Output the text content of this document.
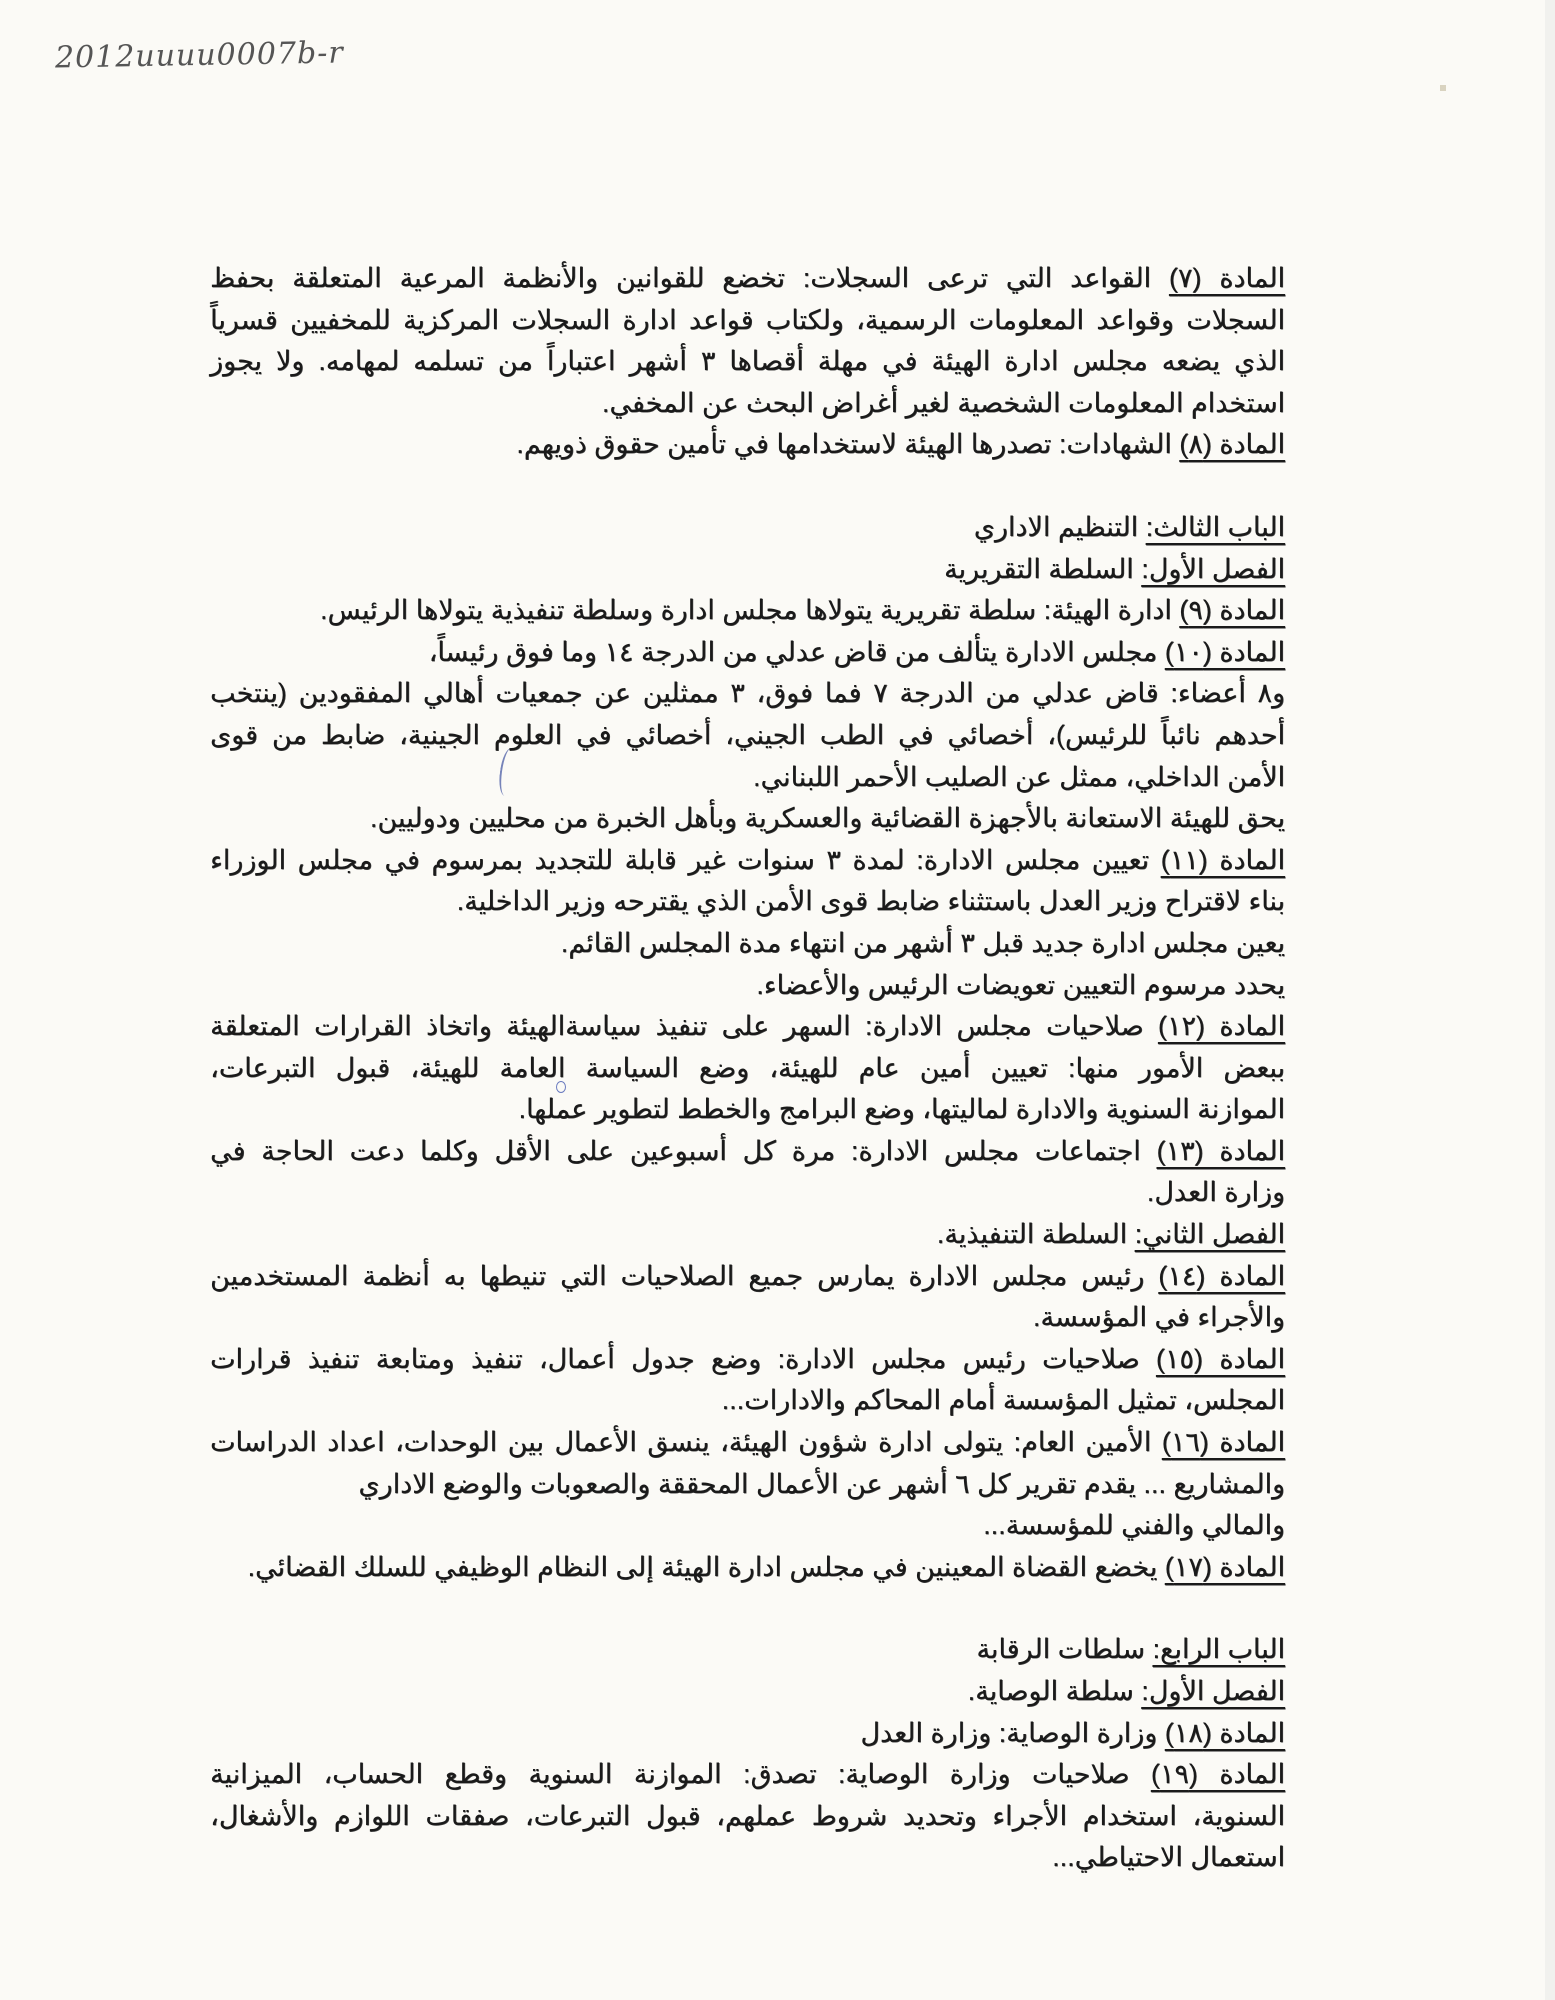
2012uuuu0007b-r
المادة (٧) القواعد التي ترعى السجلات: تخضع للقوانين والأنظمة المرعية المتعلقة بحفظ
السجلات وقواعد المعلومات الرسمية، ولكتاب قواعد ادارة السجلات المركزية للمخفيين قسرياً
الذي يضعه مجلس ادارة الهيئة في مهلة أقصاها ٣ أشهر اعتباراً من تسلمه لمهامه. ولا يجوز
استخدام المعلومات الشخصية لغير أغراض البحث عن المخفي.
المادة (٨) الشهادات: تصدرها الهيئة لاستخدامها في تأمين حقوق ذويهم.
الباب الثالث: التنظيم الاداري
الفصل الأول: السلطة التقريرية
المادة (٩) ادارة الهيئة: سلطة تقريرية يتولاها مجلس ادارة وسلطة تنفيذية يتولاها الرئيس.
المادة (١٠) مجلس الادارة يتألف من قاض عدلي من الدرجة ١٤ وما فوق رئيساً،
و٨ أعضاء: قاض عدلي من الدرجة ٧ فما فوق، ٣ ممثلين عن جمعيات أهالي المفقودين (ينتخب
أحدهم نائباً للرئيس)، أخصائي في الطب الجيني، أخصائي في العلوم الجينية، ضابط من قوى
الأمن الداخلي، ممثل عن الصليب الأحمر اللبناني.
يحق للهيئة الاستعانة بالأجهزة القضائية والعسكرية وبأهل الخبرة من محليين ودوليين.
المادة (١١) تعيين مجلس الادارة: لمدة ٣ سنوات غير قابلة للتجديد بمرسوم في مجلس الوزراء
بناء لاقتراح وزير العدل باستثناء ضابط قوى الأمن الذي يقترحه وزير الداخلية.
يعين مجلس ادارة جديد قبل ٣ أشهر من انتهاء مدة المجلس القائم.
يحدد مرسوم التعيين تعويضات الرئيس والأعضاء.
المادة (١٢) صلاحيات مجلس الادارة: السهر على تنفيذ سياسةالهيئة واتخاذ القرارات المتعلقة
ببعض الأمور منها: تعيين أمين عام للهيئة، وضع السياسة العامة للهيئة، قبول التبرعات،
الموازنة السنوية والادارة لماليتها، وضع البرامج والخطط لتطوير عملها.
المادة (١٣) اجتماعات مجلس الادارة: مرة كل أسبوعين على الأقل وكلما دعت الحاجة في
وزارة العدل.
الفصل الثاني: السلطة التنفيذية.
المادة (١٤) رئيس مجلس الادارة يمارس جميع الصلاحيات التي تنيطها به أنظمة المستخدمين
والأجراء في المؤسسة.
المادة (١٥) صلاحيات رئيس مجلس الادارة: وضع جدول أعمال، تنفيذ ومتابعة تنفيذ قرارات
المجلس، تمثيل المؤسسة أمام المحاكم والادارات...
المادة (١٦) الأمين العام: يتولى ادارة شؤون الهيئة، ينسق الأعمال بين الوحدات، اعداد الدراسات
والمشاريع ... يقدم تقرير كل ٦ أشهر عن الأعمال المحققة والصعوبات والوضع الاداري
والمالي والفني للمؤسسة...
المادة (١٧) يخضع القضاة المعينين في مجلس ادارة الهيئة إلى النظام الوظيفي للسلك القضائي.
الباب الرابع: سلطات الرقابة
الفصل الأول: سلطة الوصاية.
المادة (١٨) وزارة الوصاية: وزارة العدل
المادة (١٩) صلاحيات وزارة الوصاية: تصدق: الموازنة السنوية وقطع الحساب، الميزانية
السنوية، استخدام الأجراء وتحديد شروط عملهم، قبول التبرعات، صفقات اللوازم والأشغال،
استعمال الاحتياطي...
